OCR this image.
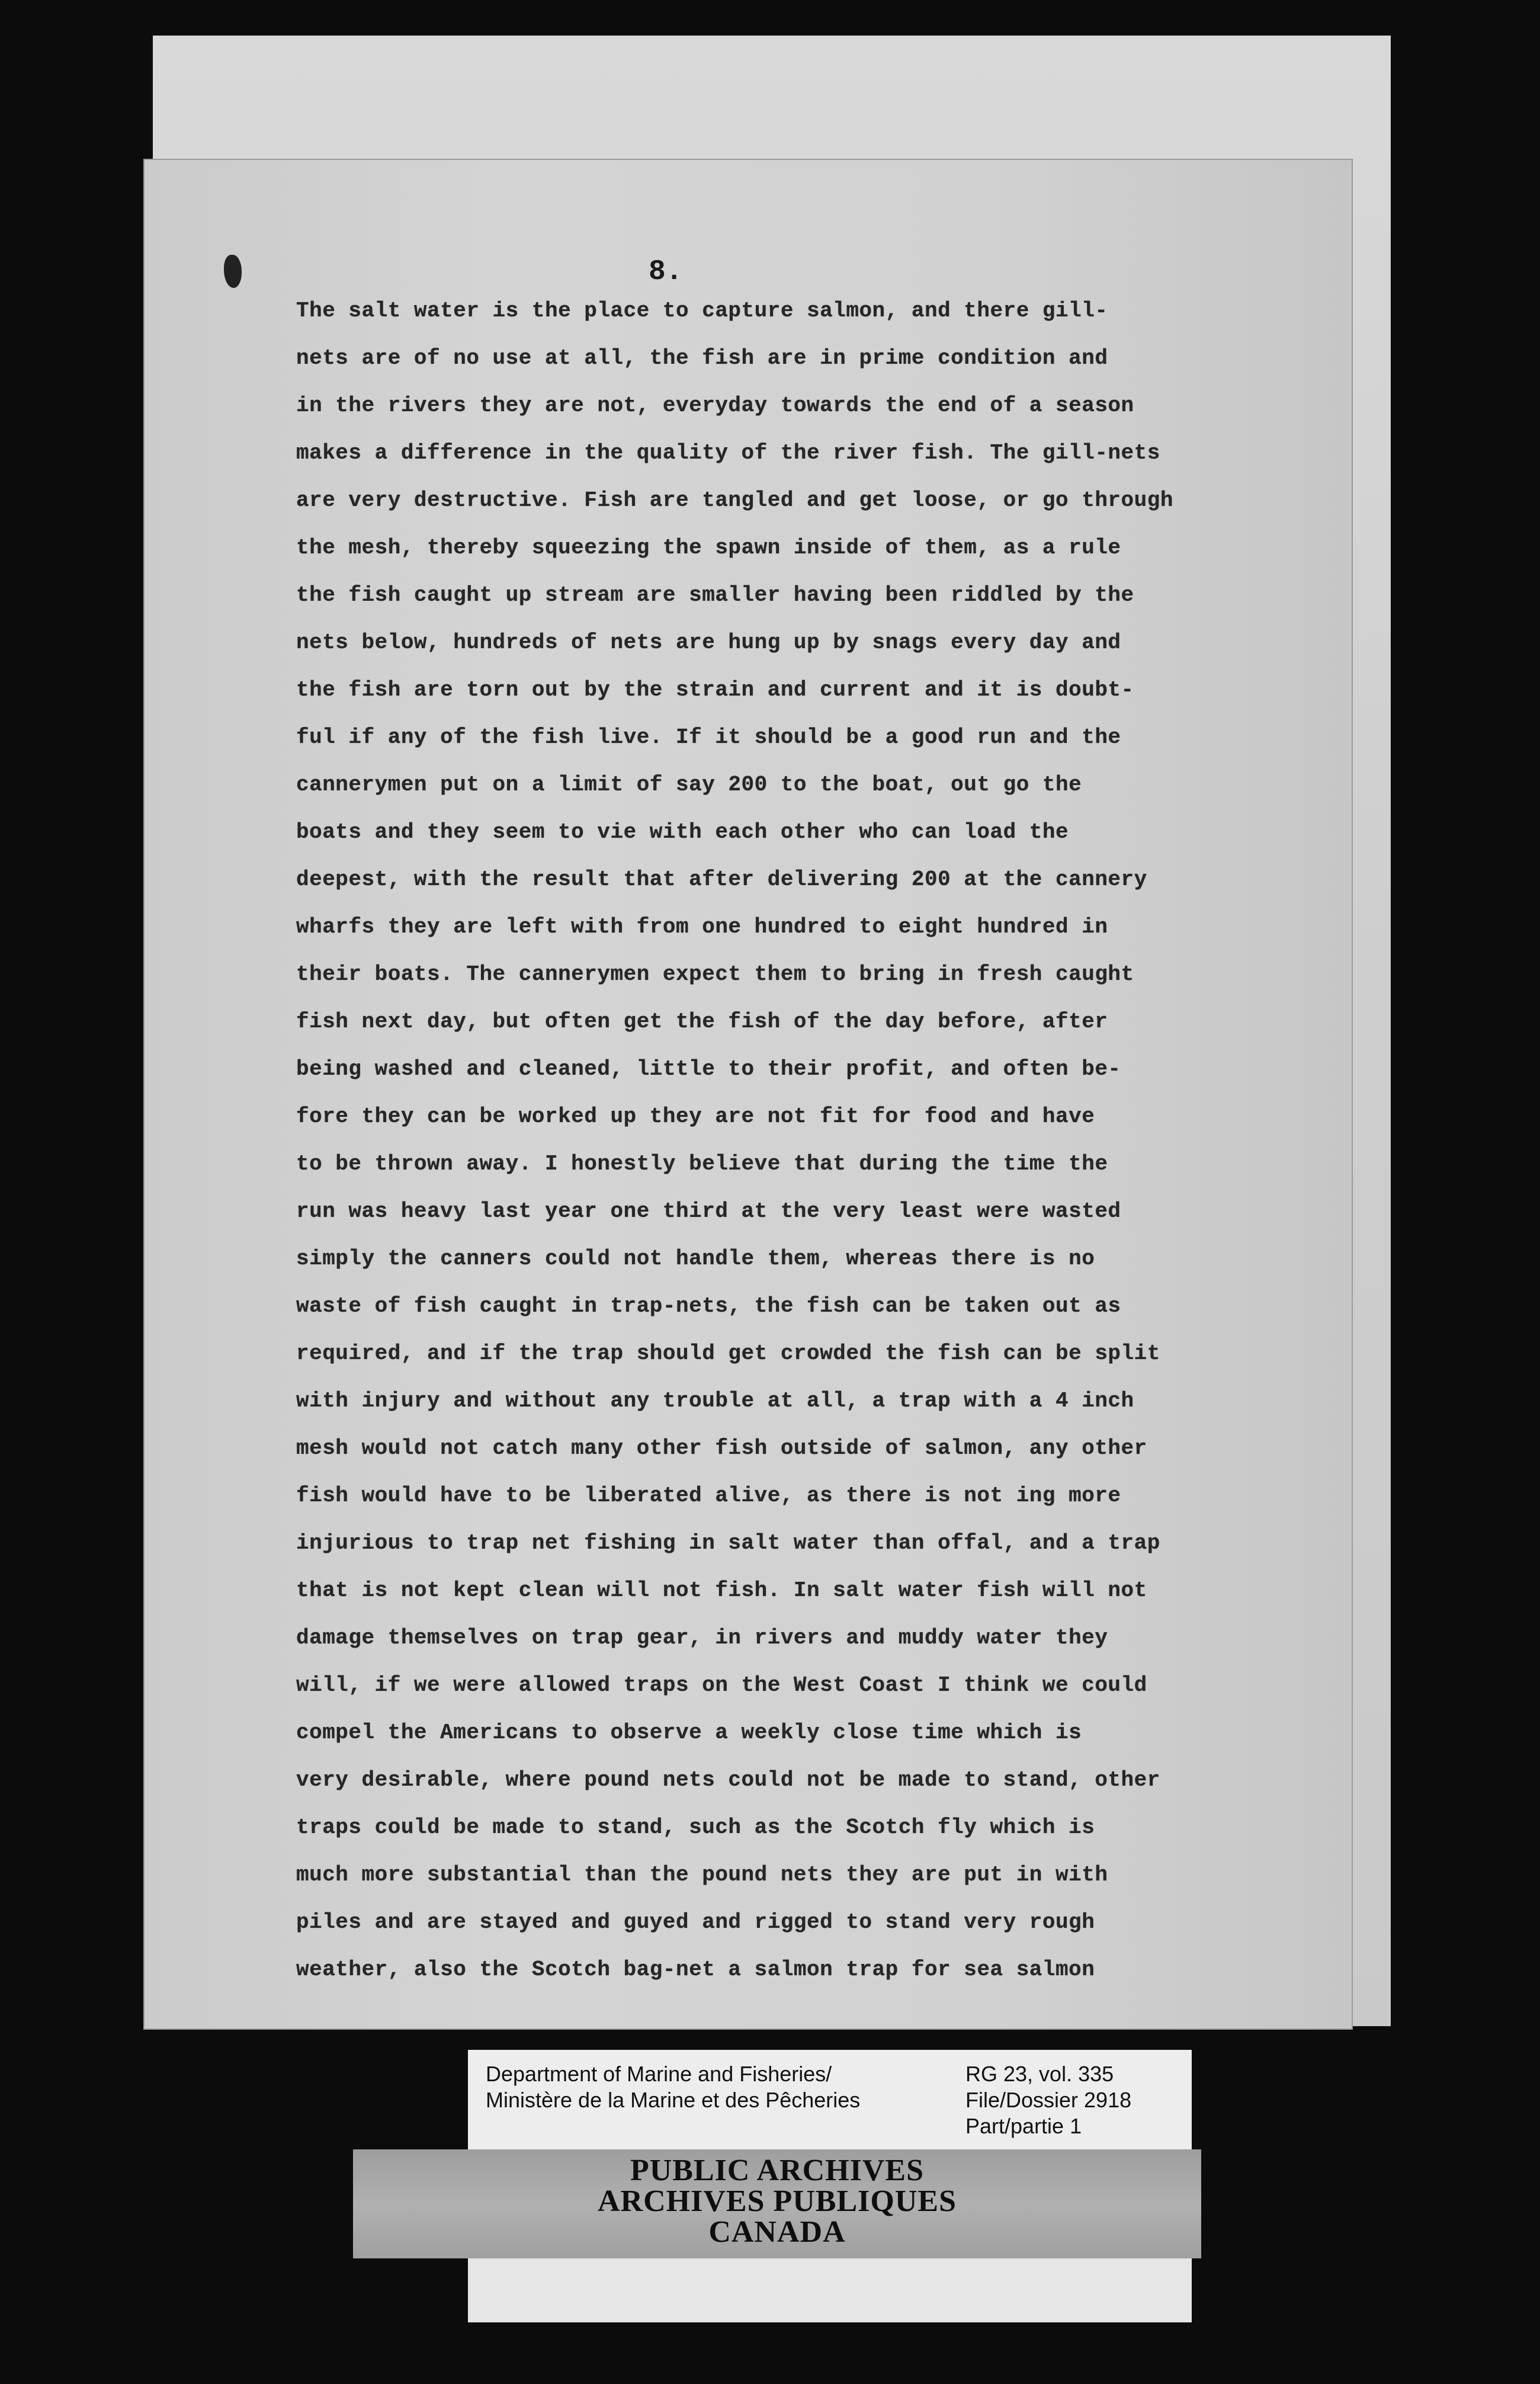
8.
The salt water is the place to capture salmon, and there gill-
nets are of no use at all, the fish are in prime condition and
in the rivers they are not, everyday towards the end of a season
makes a difference in the quality of the river fish. The gill-nets
are very destructive. Fish are tangled and get loose, or go through
the mesh, thereby squeezing the spawn inside of them, as a rule
the fish caught up stream are smaller having been riddled by the
nets below, hundreds of nets are hung up by snags every day and
the fish are torn out by the strain and current and it is doubt-
ful if any of the fish live. If it should be a good run and the
cannerymen put on a limit of say 200 to the boat, out go the
boats and they seem to vie with each other who can load the
deepest, with the result that after delivering 200 at the cannery
wharfs they are left with from one hundred to eight hundred in
their boats. The cannerymen expect them to bring in fresh caught
fish next day, but often get the fish of the day before, after
being washed and cleaned, little to their profit, and often be-
fore they can be worked up they are not fit for food and have
to be thrown away. I honestly believe that during the time the
run was heavy last year one third at the very least were wasted
simply the canners could not handle them, whereas there is no
waste of fish caught in trap-nets, the fish can be taken out as
required, and if the trap should get crowded the fish can be split
with injury and without any trouble at all, a trap with a 4 inch
mesh would not catch many other fish outside of salmon, any other
fish would have to be liberated alive, as there is not ing more
injurious to trap net fishing in salt water than offal, and a trap
that is not kept clean will not fish. In salt water fish will not
damage themselves on trap gear, in rivers and muddy water they
will, if we were allowed traps on the West Coast I think we could
compel the Americans to observe a weekly close time which is
very desirable, where pound nets could not be made to stand, other
traps could be made to stand, such as the Scotch fly which is
much more substantial than the pound nets they are put in with
piles and are stayed and guyed and rigged to stand very rough
weather, also the Scotch bag-net a salmon trap for sea salmon
Department of Marine and Fisheries/
Ministère de la Marine et des Pêcheries
RG 23, vol. 335
File/Dossier 2918
Part/partie 1
PUBLIC ARCHIVES
ARCHIVES PUBLIQUES
CANADA
